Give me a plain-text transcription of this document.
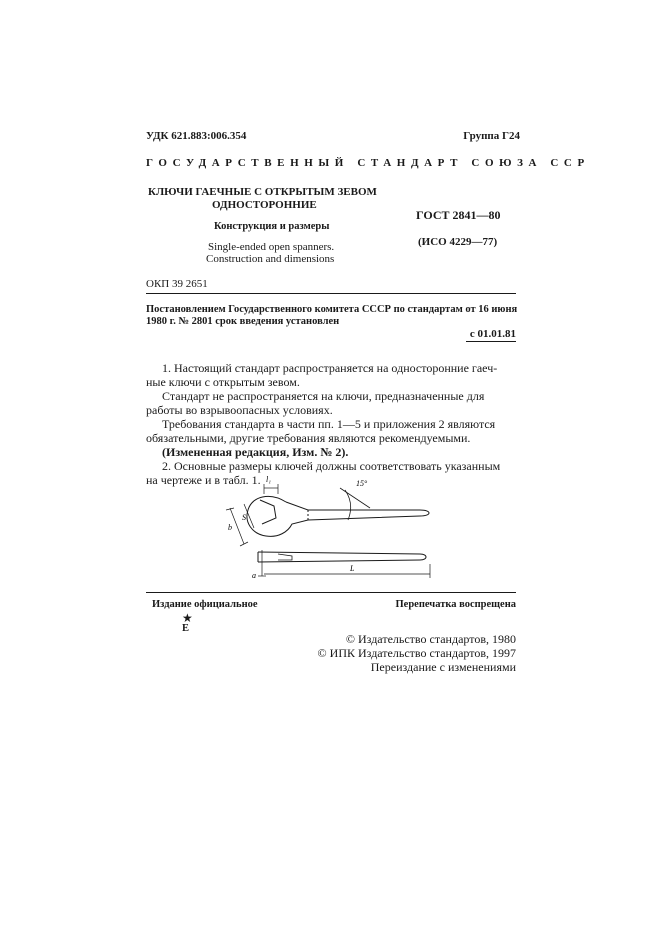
УДК 621.883:006.354	Группа Г24
ГОСУДАРСТВЕННЫЙ СТАНДАРТ СОЮЗА ССР
КЛЮЧИ ГАЕЧНЫЕ С ОТКРЫТЫМ ЗЕВОМ
ОДНОСТОРОННИЕ
Конструкция и размеры
Single-ended open spanners.
Construction and dimensions
ГОСТ 2841—80
(ИСО 4229—77)
ОКП 39 2651
Постановлением Государственного комитета СССР по стандартам от 16 июня
1980 г. № 2801 срок введения установлен
с 01.01.81
1. Настоящий стандарт распространяется на односторонние гаеч-
ные ключи с открытым зевом.
Стандарт не распространяется на ключи, предназначенные для
работы во взрывоопасных условиях.
Требования стандарта в части пп. 1—5 и приложения 2 являются
обязательными, другие требования являются рекомендуемыми.
(Измененная редакция, Изм. № 2).
2. Основные размеры ключей должны соответствовать указанным
на чертеже и в табл. 1. l₁	15°
S
b
a
L
Издание официальное	Перепечатка воспрещена
★
Е
© Издательство стандартов, 1980
© ИПК Издательство стандартов, 1997
Переиздание с изменениями
